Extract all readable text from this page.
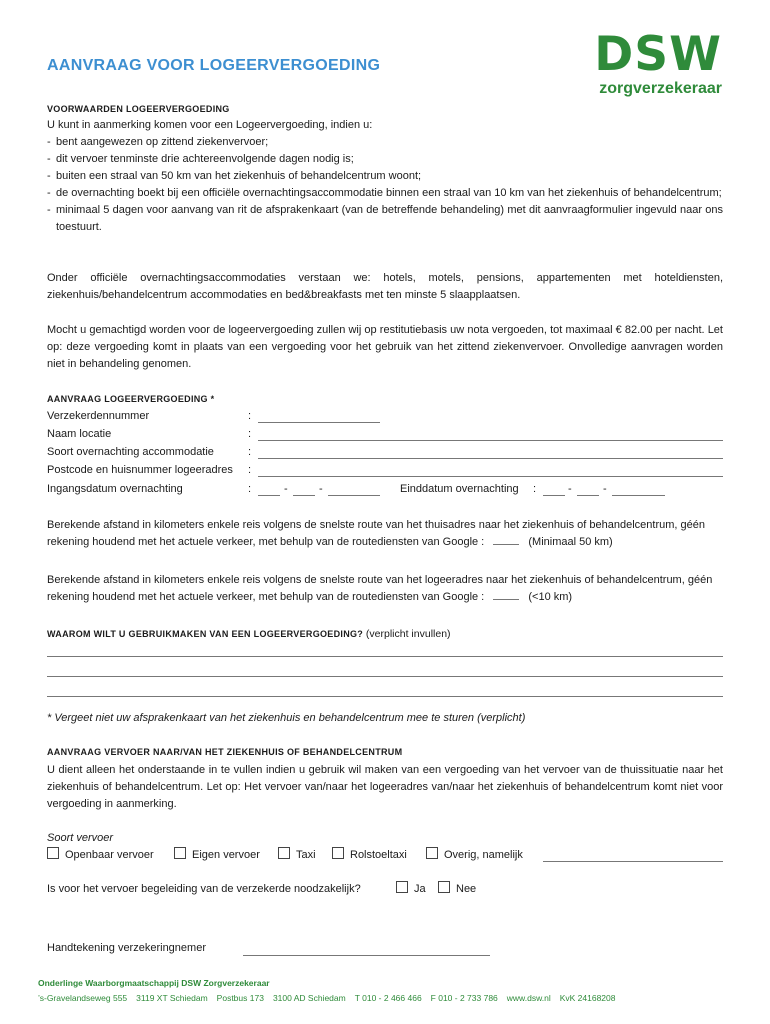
AANVRAAG VOOR LOGEERVERGOEDING	DSW
zorgverzekeraar
VOORWAARDEN LOGEERVERGOEDING
U kunt in aanmerking komen voor een Logeervergoeding, indien u:
- bent aangewezen op zittend ziekenvervoer;
- dit vervoer tenminste drie achtereenvolgende dagen nodig is;
- buiten een straal van 50 km van het ziekenhuis of behandelcentrum woont;
- de overnachting boekt bij een officiële overnachtingsaccommodatie binnen een straal van 10 km van het ziekenhuis of behandelcentrum;
- minimaal 5 dagen voor aanvang van rit de afsprakenkaart (van de betreffende behandeling) met dit aanvraagformulier ingevuld naar ons toestuurt.
Onder officiële overnachtingsaccommodaties verstaan we: hotels, motels, pensions, appartementen met hoteldiensten, ziekenhuis/behandelcentrum accommodaties en bed&breakfasts met ten minste 5 slaapplaatsen.
Mocht u gemachtigd worden voor de logeervergoeding zullen wij op restitutiebasis uw nota vergoeden, tot maximaal € 82.00 per nacht. Let op: deze vergoeding komt in plaats van een vergoeding voor het gebruik van het zittend ziekenvervoer. Onvolledige aanvragen worden niet in behandeling genomen.
AANVRAAG LOGEERVERGOEDING *
Verzekerdennummer	:
Naam locatie	:
Soort overnachting accommodatie	:
Postcode en huisnummer logeeradres :
Ingangsdatum overnachting	:	-	-	Einddatum overnachting :	-	-
Berekende afstand in kilometers enkele reis volgens de snelste route van het thuisadres naar het ziekenhuis of behandelcentrum, géén rekening houdend met het actuele verkeer, met behulp van de routediensten van Google :	(Minimaal 50 km)
Berekende afstand in kilometers enkele reis volgens de snelste route van het logeeradres naar het ziekenhuis of behandelcentrum, géén rekening houdend met het actuele verkeer, met behulp van de routediensten van Google :	(<10 km)
WAAROM WILT U GEBRUIKMAKEN VAN EEN LOGEERVERGOEDING? (verplicht invullen)
* Vergeet niet uw afsprakenkaart van het ziekenhuis en behandelcentrum mee te sturen (verplicht)
AANVRAAG VERVOER NAAR/VAN HET ZIEKENHUIS OF BEHANDELCENTRUM
U dient alleen het onderstaande in te vullen indien u gebruik wil maken van een vergoeding van het vervoer van de thuissituatie naar het ziekenhuis of behandelcentrum. Let op: Het vervoer van/naar het logeeradres van/naar het ziekenhuis of behandelcentrum komt niet voor vergoeding in aanmerking.
Soort vervoer
Openbaar vervoer	Eigen vervoer	Taxi	Rolstoeltaxi	Overig, namelijk
Is voor het vervoer begeleiding van de verzekerde noodzakelijk?	Ja	Nee
Handtekening verzekeringnemer
Onderlinge Waarborgmaatschappij DSW Zorgverzekeraar
’s-Gravelandseweg 555 3119 XT Schiedam Postbus 173 3100 AD Schiedam T 010 - 2 466 466 F 010 - 2 733 786 www.dsw.nl KvK 24168208
